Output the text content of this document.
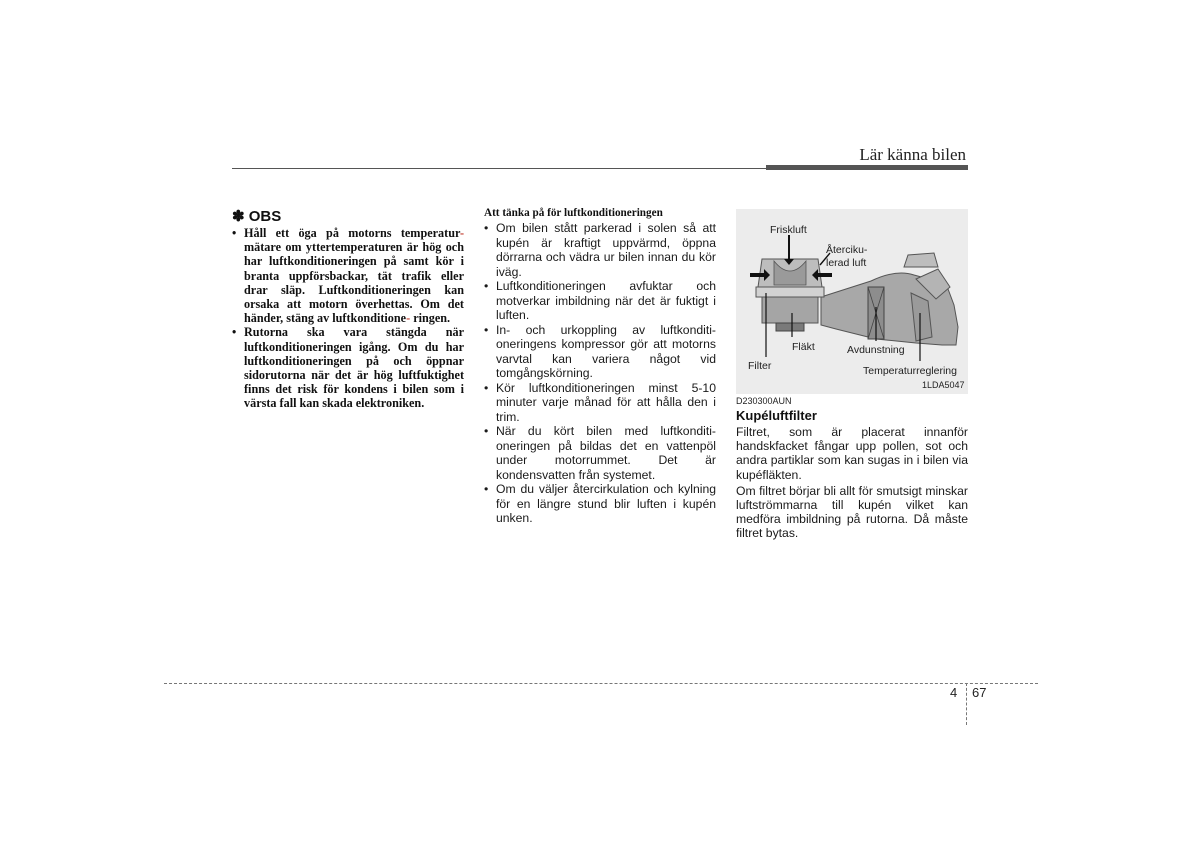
Lär känna bilen
✽ OBS
• Håll ett öga på motorns temperatur- mätare om yttertemperaturen är hög och har luftkonditioneringen på samt kör i branta uppförsbackar, tät trafik eller drar släp. Luftkonditioneringen kan orsaka att motorn överhettas. Om det händer, stäng av luftkonditione- ringen.
• Rutorna ska vara stängda när luftkonditioneringen igång. Om du har luftkonditioneringen på och öppnar sidorutorna när det är hög luftfuktighet finns det risk för kondens i bilen som i värsta fall kan skada elektroniken.
Att tänka på för luftkonditioneringen
• Om bilen stått parkerad i solen så att kupén är kraftigt uppvärmd, öppna dörrarna och vädra ur bilen innan du kör iväg.
• Luftkonditioneringen avfuktar och motverkar imbildning när det är fuktigt i luften.
• In- och urkoppling av luftkonditi-oneringens kompressor gör att motorns varvtal kan variera något vid tomgångskörning.
• Kör luftkonditioneringen minst 5-10 minuter varje månad för att hålla den i trim.
• När du kört bilen med luftkonditi-oneringen på bildas det en vattenpöl under motorrummet. Det är kondensvatten från systemet.
• Om du väljer återcirkulation och kylning för en längre stund blir luften i kupén unken.
Friskluft
Återciku-
lerad luft
Filter
Fläkt	Avdunstning
Temperaturreglering
1LDA5047
D230300AUN
Kupéluftfilter

Filtret, som är placerat innanför handskfacket fångar upp pollen, sot och andra partiklar som kan sugas in i bilen via kupéfläkten.

Om filtret börjar bli allt för smutsigt minskar luftströmmarna till kupén vilket kan medföra imbildning på rutorna. Då måste filtret bytas.

4 67
